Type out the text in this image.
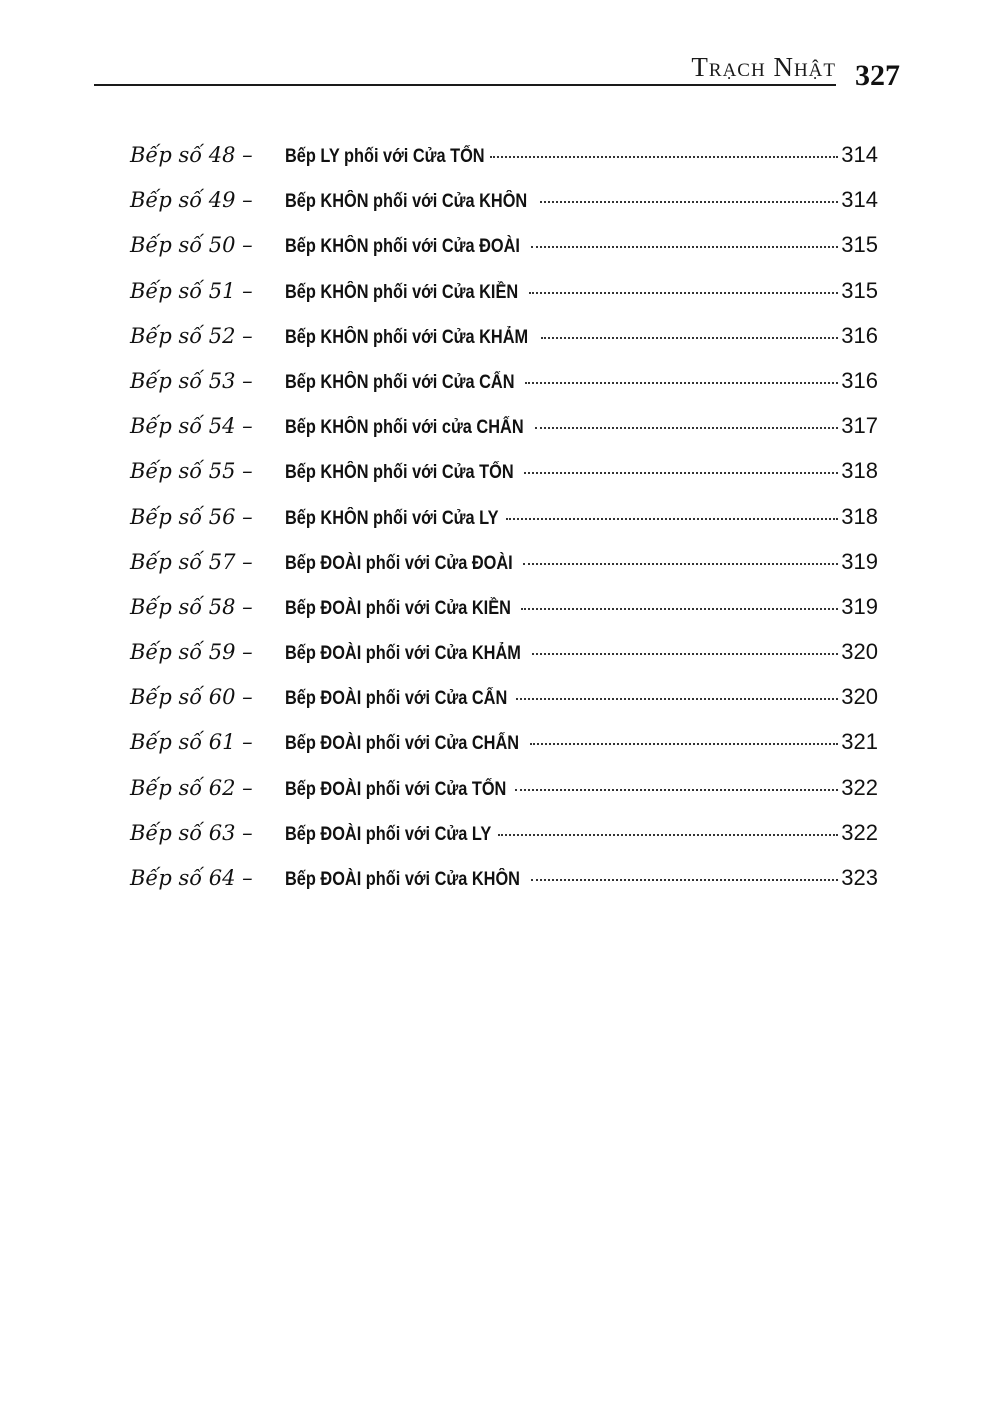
Trạch Nhật 327
Bếp số 48 –	Bếp LY phối với Cửa TỐN	314
Bếp số 49 –	Bếp KHÔN phối với Cửa KHÔN	314
Bếp số 50 –	Bếp KHÔN phối với Cửa ĐOÀI	315
Bếp số 51 –	Bếp KHÔN phối với Cửa KIỀN	315
Bếp số 52 –	Bếp KHÔN phối với Cửa KHẢM	316
Bếp số 53 –	Bếp KHÔN phối với Cửa CẤN	316
Bếp số 54 –	Bếp KHÔN phối với cửa CHẤN	317
Bếp số 55 –	Bếp KHÔN phối với Cửa TỐN	318
Bếp số 56 –	Bếp KHÔN phối với Cửa LY	318
Bếp số 57 –	Bếp ĐOÀI phối với Cửa ĐOÀI	319
Bếp số 58 –	Bếp ĐOÀI phối với Cửa KIỀN	319
Bếp số 59 –	Bếp ĐOÀI phối với Cửa KHẢM	320
Bếp số 60 –	Bếp ĐOÀI phối với Cửa CẤN	320
Bếp số 61 –	Bếp ĐOÀI phối với Cửa CHẤN	321
Bếp số 62 –	Bếp ĐOÀI phối với Cửa TỐN	322
Bếp số 63 –	Bếp ĐOÀI phối với Cửa LY	322
Bếp số 64 –	Bếp ĐOÀI phối với Cửa KHÔN	323
